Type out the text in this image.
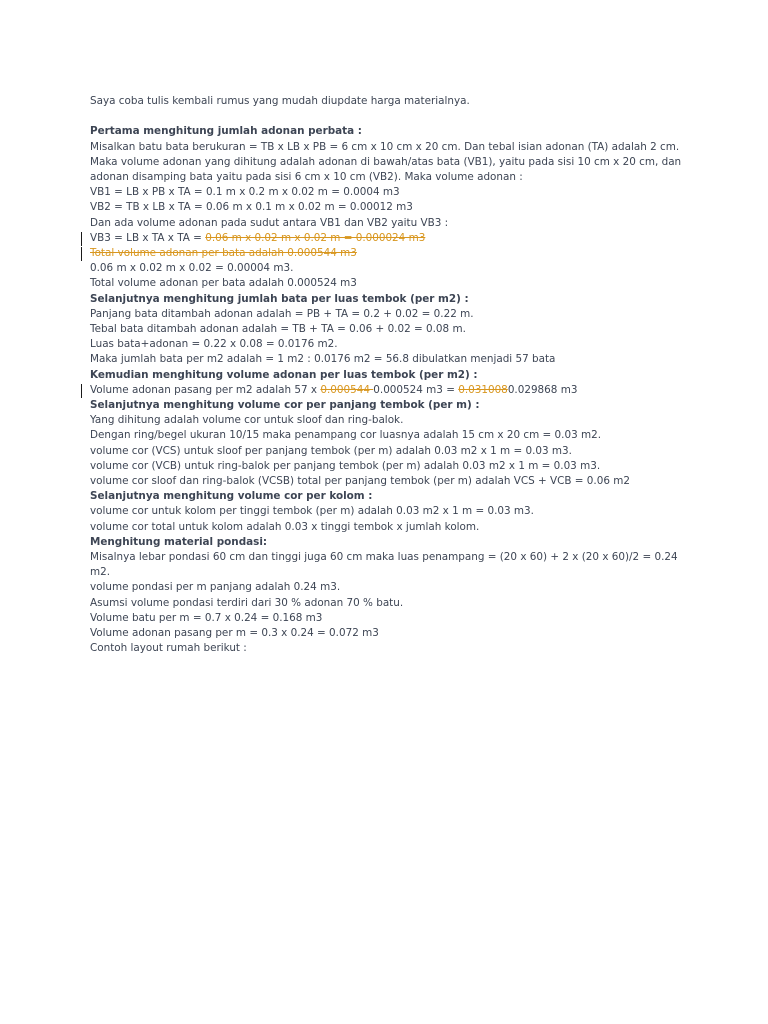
Saya coba tulis kembali rumus yang mudah diupdate harga materialnya.
Pertama menghitung jumlah adonan perbata :
Misalkan batu bata berukuran = TB x LB x PB = 6 cm x 10 cm x 20 cm. Dan tebal isian adonan (TA) adalah 2 cm. Maka volume adonan yang dihitung adalah adonan di bawah/atas bata (VB1), yaitu pada sisi 10 cm x 20 cm, dan adonan disamping bata yaitu pada sisi 6 cm x 10 cm (VB2). Maka volume adonan :
VB1 = LB x PB x TA = 0.1 m x 0.2 m x 0.02 m = 0.0004 m3
VB2 = TB x LB x TA = 0.06 m x 0.1 m x 0.02 m = 0.00012 m3
Dan ada volume adonan pada sudut antara VB1 dan VB2 yaitu VB3 :
VB3 = LB x TA x TA = 0.06 m x 0.02 m x 0.02 m = 0.000024 m3
Total volume adonan per bata adalah 0.000544 m3
0.06 m x 0.02 m x 0.02 = 0.00004 m3.
Total volume adonan per bata adalah 0.000524 m3
Selanjutnya menghitung jumlah bata per luas tembok (per m2) :
Panjang bata ditambah adonan adalah = PB + TA = 0.2 + 0.02 = 0.22 m.
Tebal bata ditambah adonan adalah = TB + TA = 0.06 + 0.02 = 0.08 m.
Luas bata+adonan = 0.22 x 0.08 = 0.0176 m2.
Maka jumlah bata per m2 adalah = 1 m2 : 0.0176 m2 = 56.8 dibulatkan menjadi 57 bata
Kemudian menghitung volume adonan per luas tembok (per m2) :
Volume adonan pasang per m2 adalah 57 x 0.000544 0.000524 m3 = 0.0310080.029868 m3
Selanjutnya menghitung volume cor per panjang tembok (per m) :
Yang dihitung adalah volume cor untuk sloof dan ring-balok.
Dengan ring/begel ukuran 10/15 maka penampang cor luasnya adalah 15 cm x 20 cm = 0.03 m2.
volume cor (VCS) untuk sloof per panjang tembok (per m) adalah 0.03 m2 x 1 m = 0.03 m3.
volume cor (VCB) untuk ring-balok per panjang tembok (per m) adalah 0.03 m2 x 1 m = 0.03 m3.
volume cor sloof dan ring-balok (VCSB) total per panjang tembok (per m) adalah VCS + VCB = 0.06 m2
Selanjutnya menghitung volume cor per kolom :
volume cor untuk kolom per tinggi tembok (per m) adalah 0.03 m2 x 1 m = 0.03 m3.
volume cor total untuk kolom adalah 0.03 x tinggi tembok x jumlah kolom.
Menghitung material pondasi:
Misalnya lebar pondasi 60 cm dan tinggi juga 60 cm maka luas penampang = (20 x 60) + 2 x (20 x 60)/2 = 0.24 m2.
volume pondasi per m panjang adalah 0.24 m3.
Asumsi volume pondasi terdiri dari 30 % adonan 70 % batu.
Volume batu per m = 0.7 x 0.24 = 0.168 m3
Volume adonan pasang per m = 0.3 x 0.24 = 0.072 m3
Contoh layout rumah berikut :
